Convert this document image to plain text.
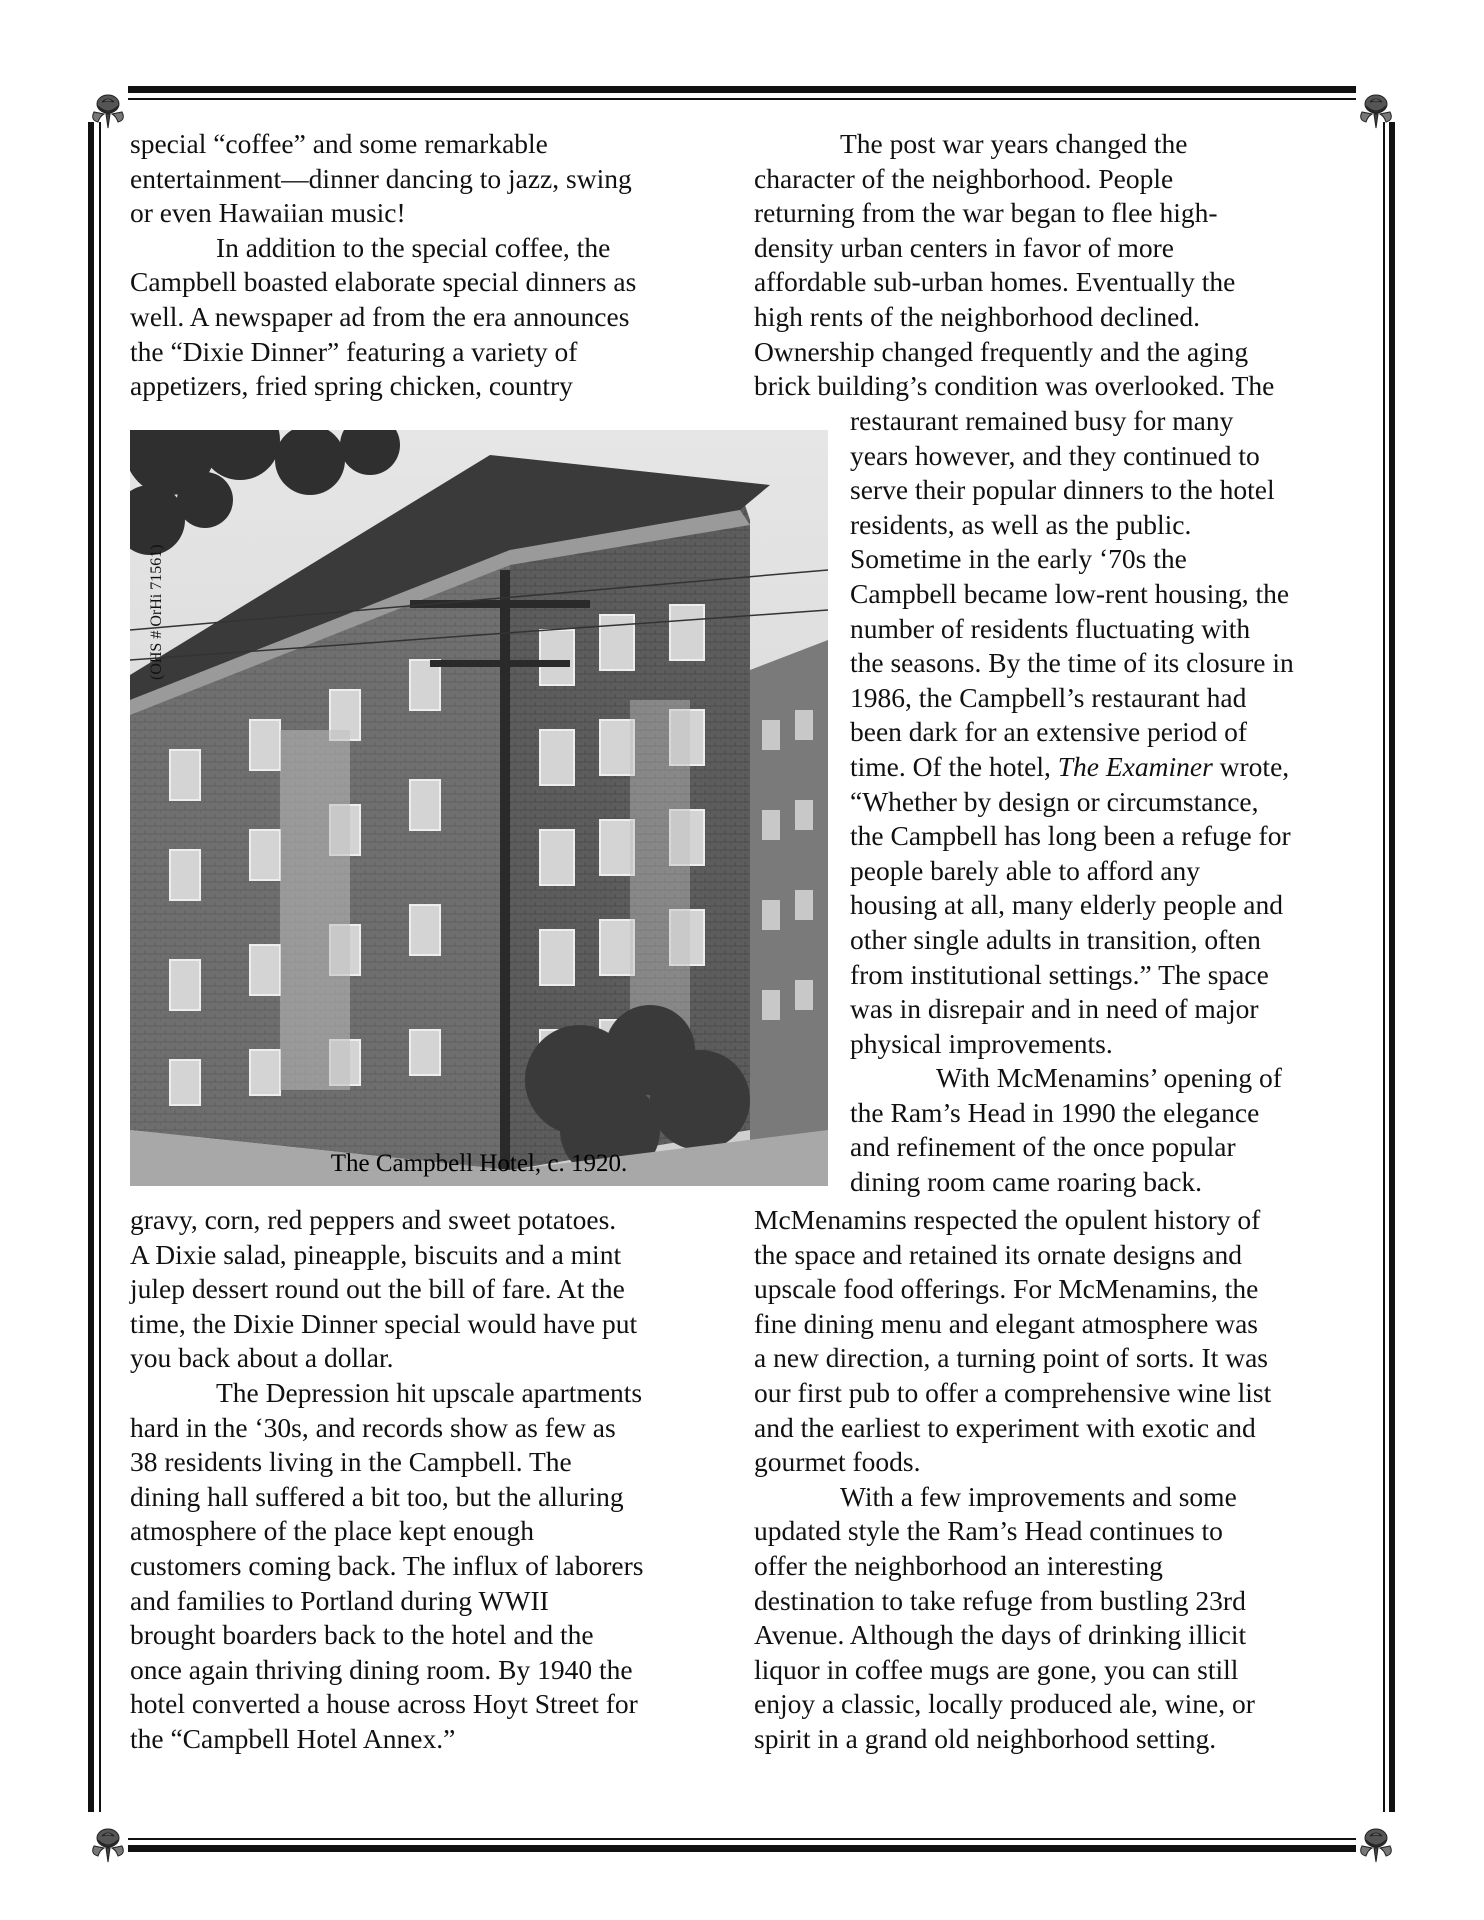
special “coffee” and some remarkable
entertainment—dinner dancing to jazz, swing
or even Hawaiian music!
In addition to the special coffee, the
Campbell boasted elaborate special dinners as
well. A newspaper ad from the era announces
the “Dixie Dinner” featuring a variety of
appetizers, fried spring chicken, country
(OHS # OrHi 71561)
The Campbell Hotel, c. 1920.
gravy, corn, red peppers and sweet potatoes.
A Dixie salad, pineapple, biscuits and a mint
julep dessert round out the bill of fare. At the
time, the Dixie Dinner special would have put
you back about a dollar.
The Depression hit upscale apartments
hard in the ‘30s, and records show as few as
38 residents living in the Campbell. The
dining hall suffered a bit too, but the alluring
atmosphere of the place kept enough
customers coming back. The influx of laborers
and families to Portland during WWII
brought boarders back to the hotel and the
once again thriving dining room. By 1940 the
hotel converted a house across Hoyt Street for
the “Campbell Hotel Annex.”
The post war years changed the
character of the neighborhood. People
returning from the war began to flee high-
density urban centers in favor of more
affordable sub-urban homes. Eventually the
high rents of the neighborhood declined.
Ownership changed frequently and the aging
brick building’s condition was overlooked. The
restaurant remained busy for many
years however, and they continued to
serve their popular dinners to the hotel
residents, as well as the public.
Sometime in the early ‘70s the
Campbell became low-rent housing, the
number of residents fluctuating with
the seasons. By the time of its closure in
1986, the Campbell’s restaurant had
been dark for an extensive period of
time. Of the hotel, The Examiner wrote,
“Whether by design or circumstance,
the Campbell has long been a refuge for
people barely able to afford any
housing at all, many elderly people and
other single adults in transition, often
from institutional settings.” The space
was in disrepair and in need of major
physical improvements.
With McMenamins’ opening of
the Ram’s Head in 1990 the elegance
and refinement of the once popular
dining room came roaring back.
McMenamins respected the opulent history of
the space and retained its ornate designs and
upscale food offerings. For McMenamins, the
fine dining menu and elegant atmosphere was
a new direction, a turning point of sorts. It was
our first pub to offer a comprehensive wine list
and the earliest to experiment with exotic and
gourmet foods.
With a few improvements and some
updated style the Ram’s Head continues to
offer the neighborhood an interesting
destination to take refuge from bustling 23rd
Avenue. Although the days of drinking illicit
liquor in coffee mugs are gone, you can still
enjoy a classic, locally produced ale, wine, or
spirit in a grand old neighborhood setting.
